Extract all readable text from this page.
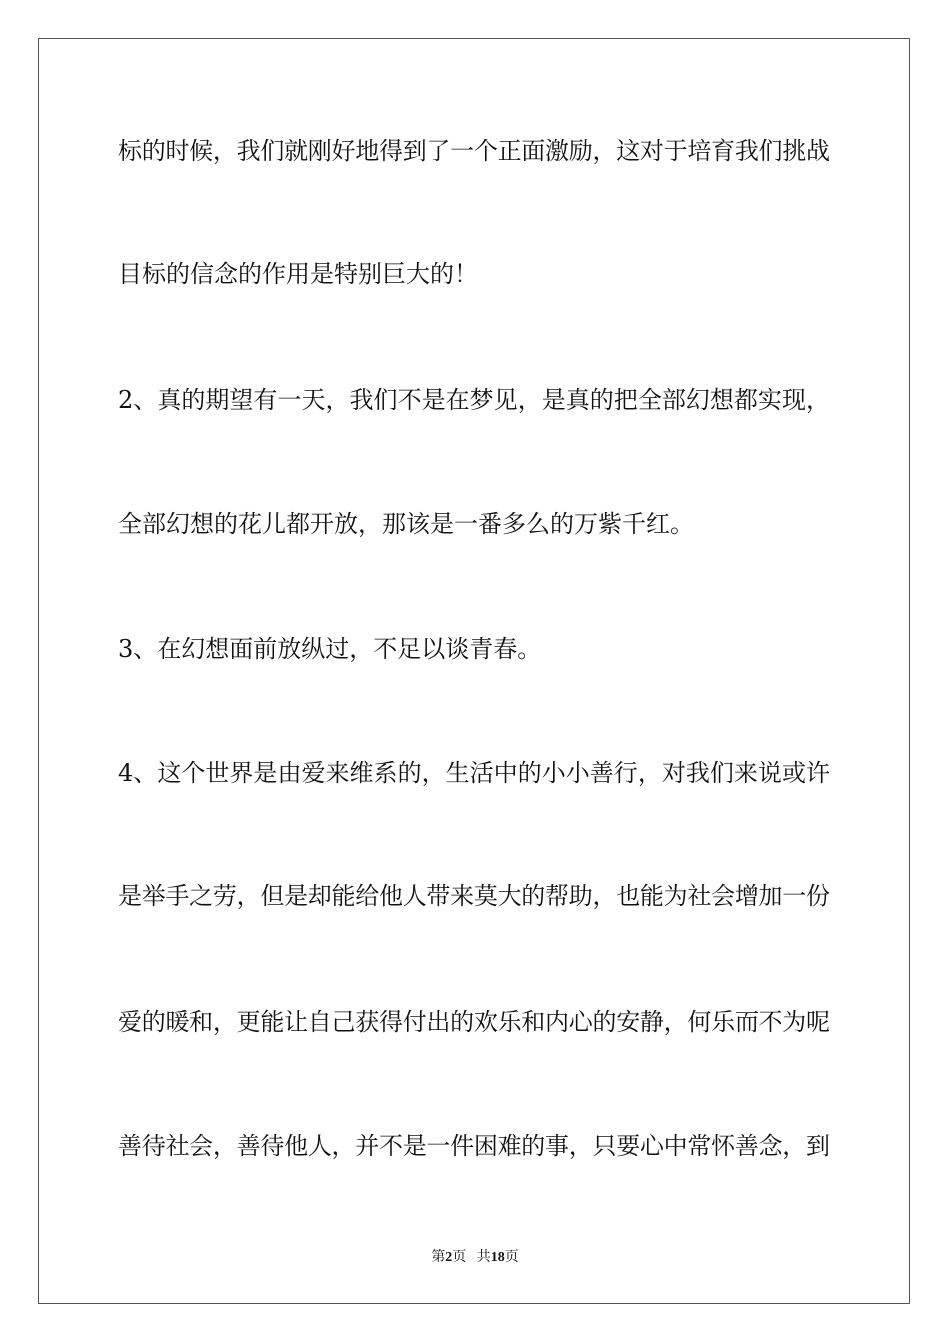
标的时候，我们就刚好地得到了一个正面激励，这对于培育我们挑战
目标的信念的作用是特别巨大的！
2、真的期望有一天，我们不是在梦见，是真的把全部幻想都实现，
全部幻想的花儿都开放，那该是一番多么的万紫千红。
3、在幻想面前放纵过，不足以谈青春。
4、这个世界是由爱来维系的，生活中的小小善行，对我们来说或许
是举手之劳，但是却能给他人带来莫大的帮助，也能为社会增加一份
爱的暖和，更能让自己获得付出的欢乐和内心的安静，何乐而不为呢
善待社会，善待他人，并不是一件困难的事，只要心中常怀善念，到
第2页 共18页
